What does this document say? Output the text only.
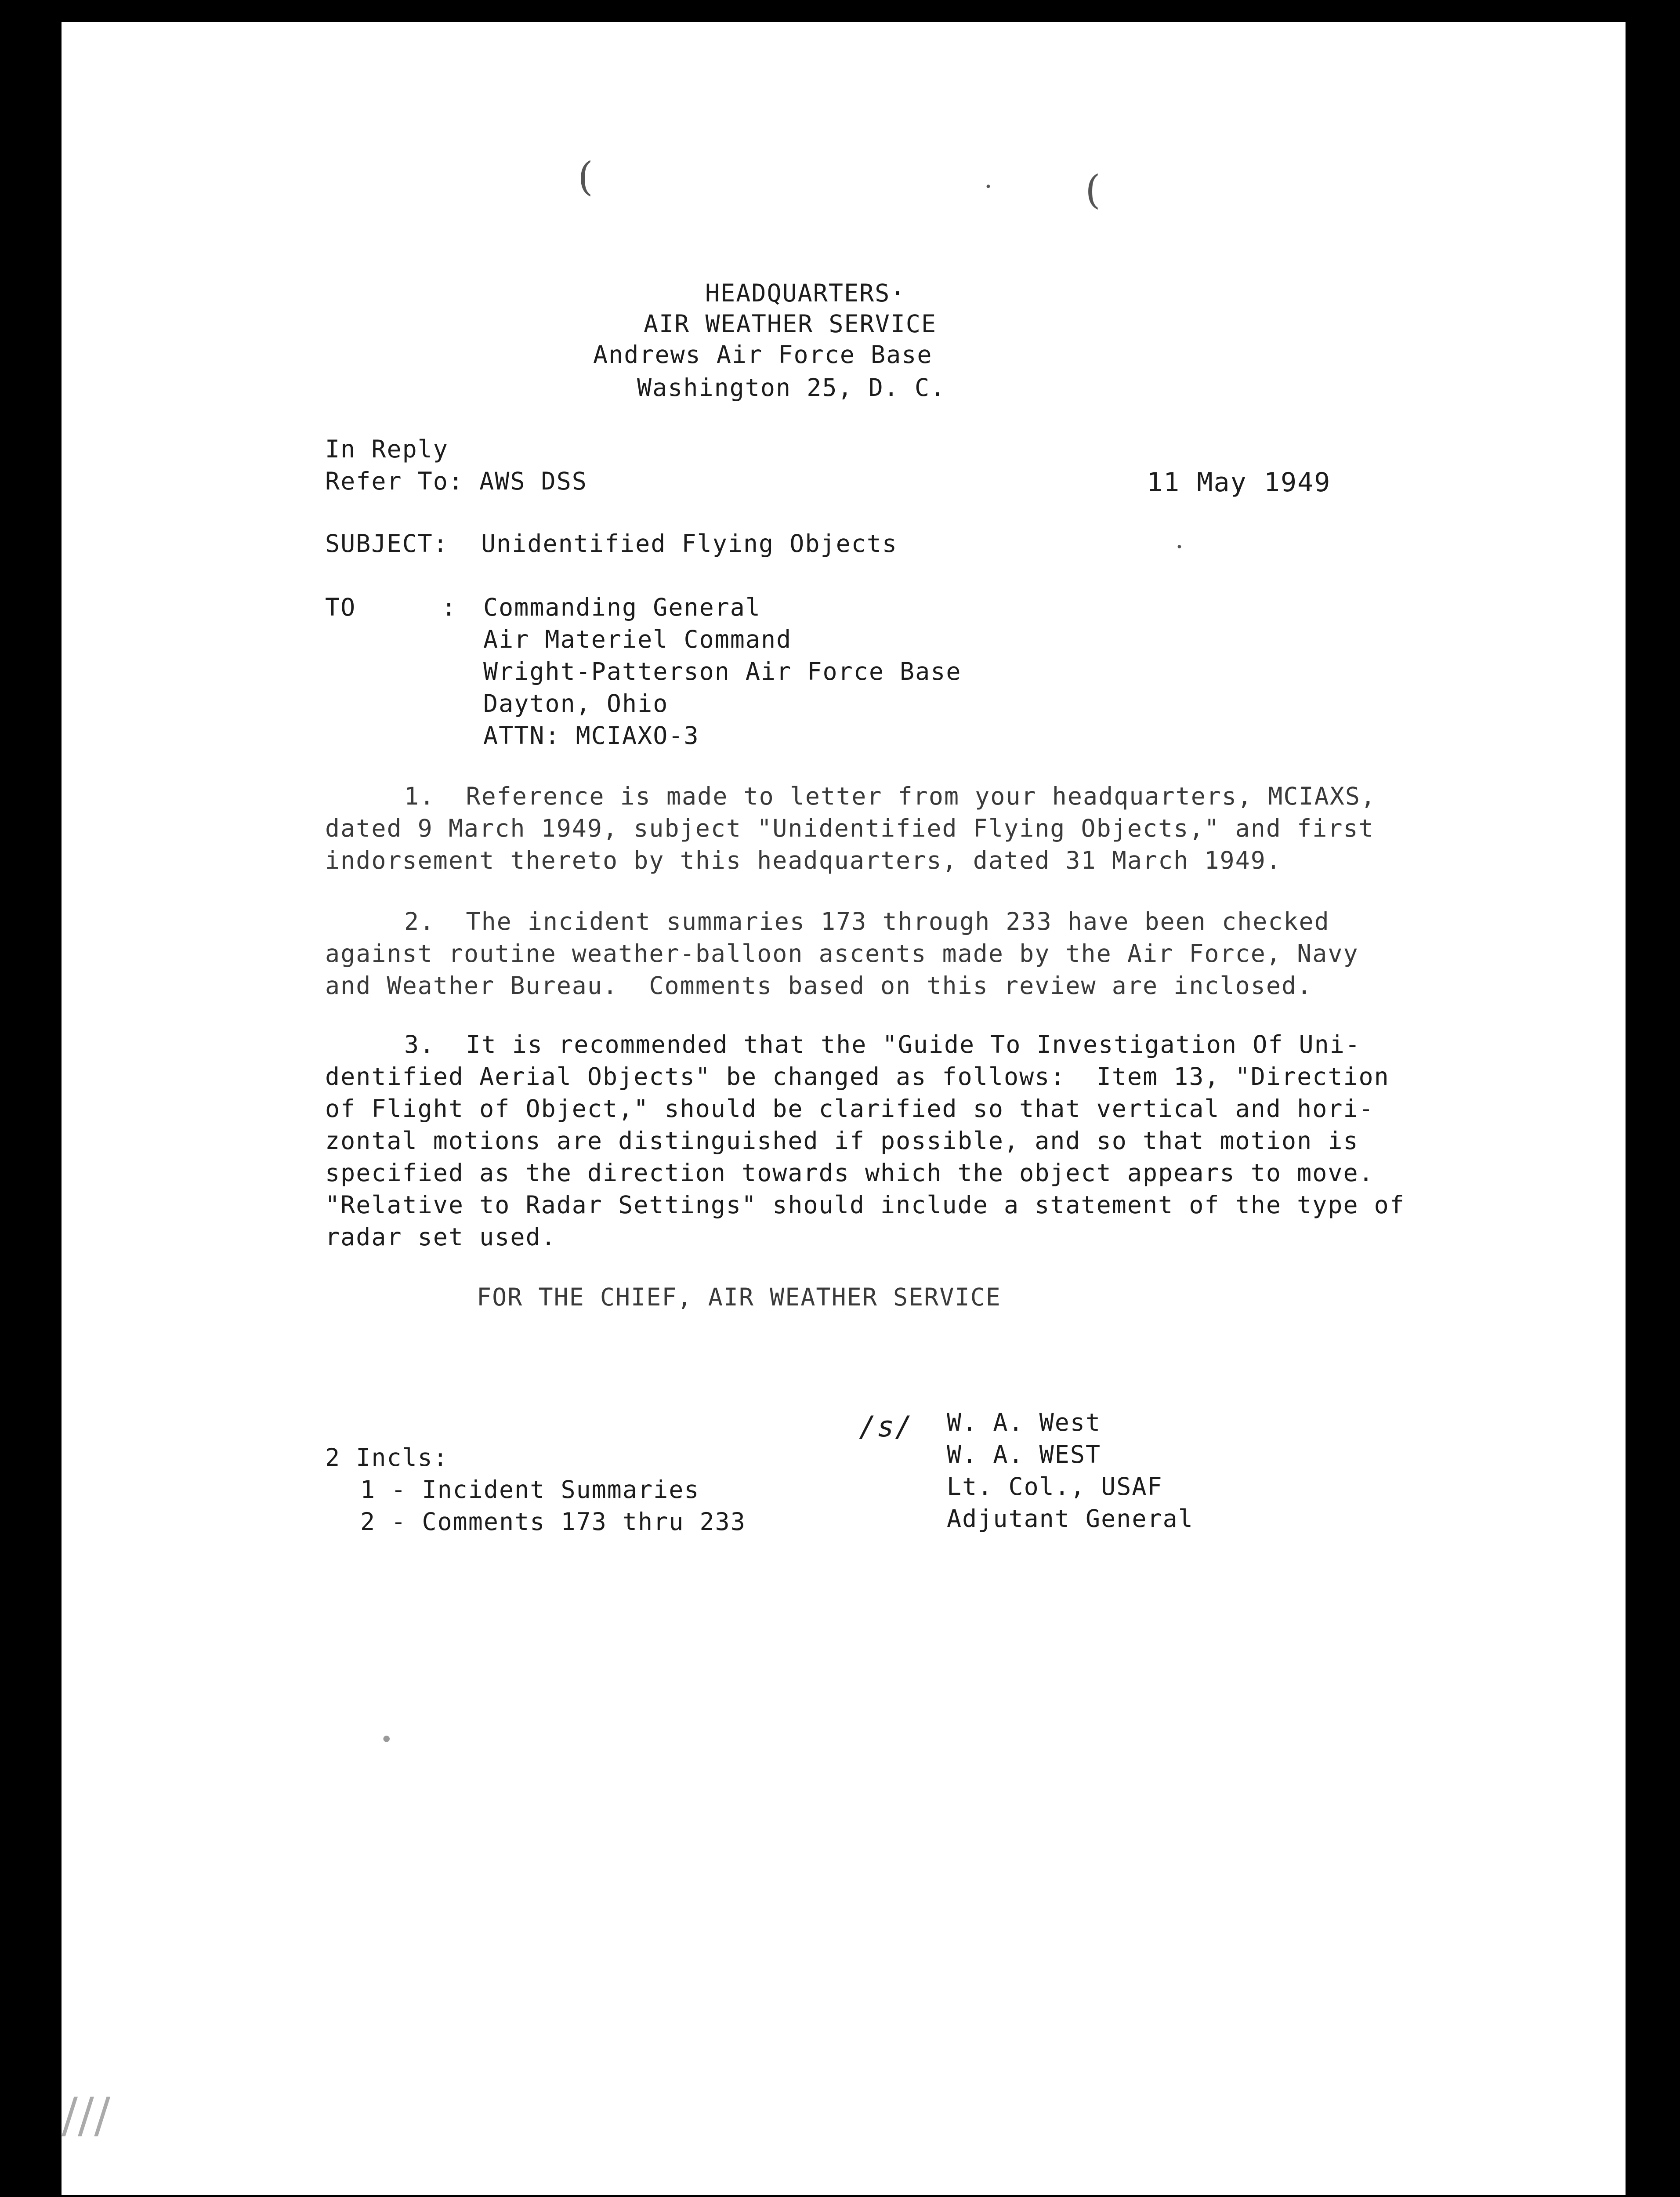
(	(
·
HEADQUARTERS·
AIR WEATHER SERVICE
Andrews Air Force Base
Washington 25, D. C.
In Reply
Refer To: AWS DSS	11 May 1949
SUBJECT: Unidentified Flying Objects	·
TO	: Commanding General
Air Materiel Command
Wright-Patterson Air Force Base
Dayton, Ohio
ATTN: MCIAXO-3
1.  Reference is made to letter from your headquarters, MCIAXS,
dated 9 March 1949, subject "Unidentified Flying Objects," and first
indorsement thereto by this headquarters, dated 31 March 1949.
2.  The incident summaries 173 through 233 have been checked
against routine weather-balloon ascents made by the Air Force, Navy
and Weather Bureau.  Comments based on this review are inclosed.
3.  It is recommended that the "Guide To Investigation Of Uni-
dentified Aerial Objects" be changed as follows:  Item 13, "Direction
of Flight of Object," should be clarified so that vertical and hori-
zontal motions are distinguished if possible, and so that motion is
specified as the direction towards which the object appears to move.
"Relative to Radar Settings" should include a statement of the type of
radar set used.
FOR THE CHIEF, AIR WEATHER SERVICE
/s/ W. A. West
W. A. WEST
Lt. Col., USAF
Adjutant General
2 Incls:
1 - Incident Summaries
2 - Comments 173 thru 233
•
///
